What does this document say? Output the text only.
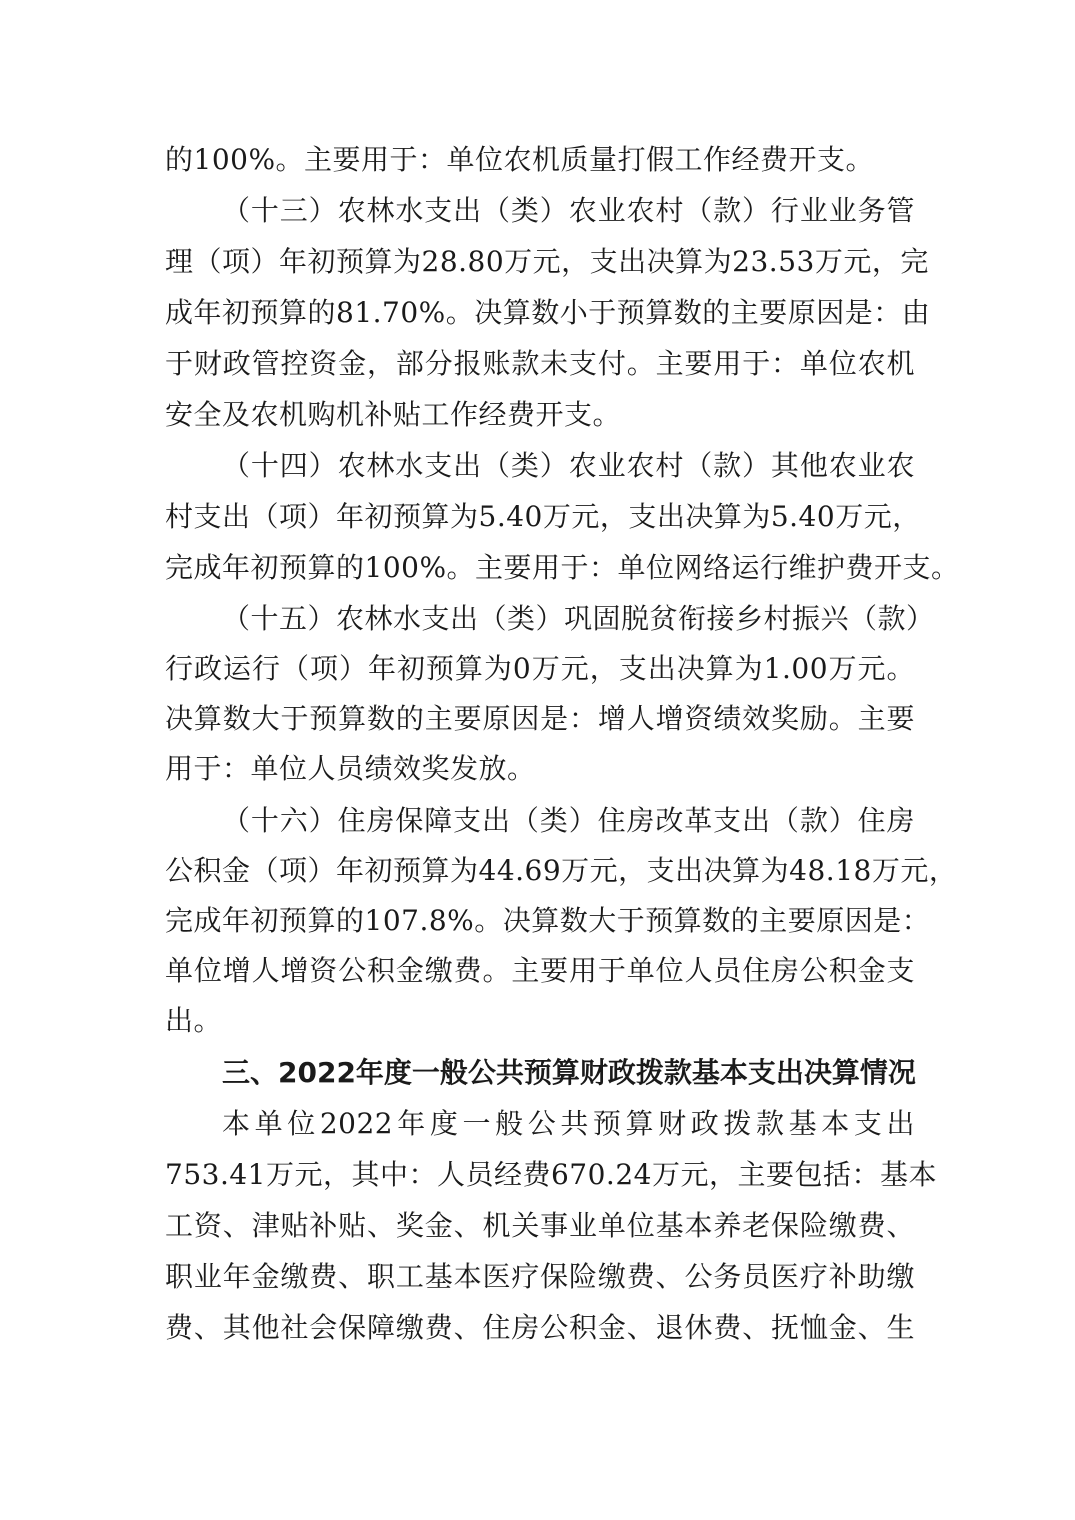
的100%。主要用于：单位农机质量打假工作经费开支。
（十三）农林水支出（类）农业农村（款）行业业务管
理（项）年初预算为28.80万元，支出决算为23.53万元，完
成年初预算的81.70%。决算数小于预算数的主要原因是：由
于财政管控资金，部分报账款未支付。主要用于：单位农机
安全及农机购机补贴工作经费开支。
（十四）农林水支出（类）农业农村（款）其他农业农
村支出（项）年初预算为5.40万元，支出决算为5.40万元，
完成年初预算的100%。主要用于：单位网络运行维护费开支。
（十五）农林水支出（类）巩固脱贫衔接乡村振兴（款）
行政运行（项）年初预算为0万元，支出决算为1.00万元。
决算数大于预算数的主要原因是：增人增资绩效奖励。主要
用于：单位人员绩效奖发放。
（十六）住房保障支出（类）住房改革支出（款）住房
公积金（项）年初预算为44.69万元，支出决算为48.18万元，
完成年初预算的107.8%。决算数大于预算数的主要原因是：
单位增人增资公积金缴费。主要用于单位人员住房公积金支
出。
三、2022年度一般公共预算财政拨款基本支出决算情况
本单位2022年度一般公共预算财政拨款基本支出
753.41万元，其中：人员经费670.24万元，主要包括：基本
工资、津贴补贴、奖金、机关事业单位基本养老保险缴费、
职业年金缴费、职工基本医疗保险缴费、公务员医疗补助缴
费、其他社会保障缴费、住房公积金、退休费、抚恤金、生
